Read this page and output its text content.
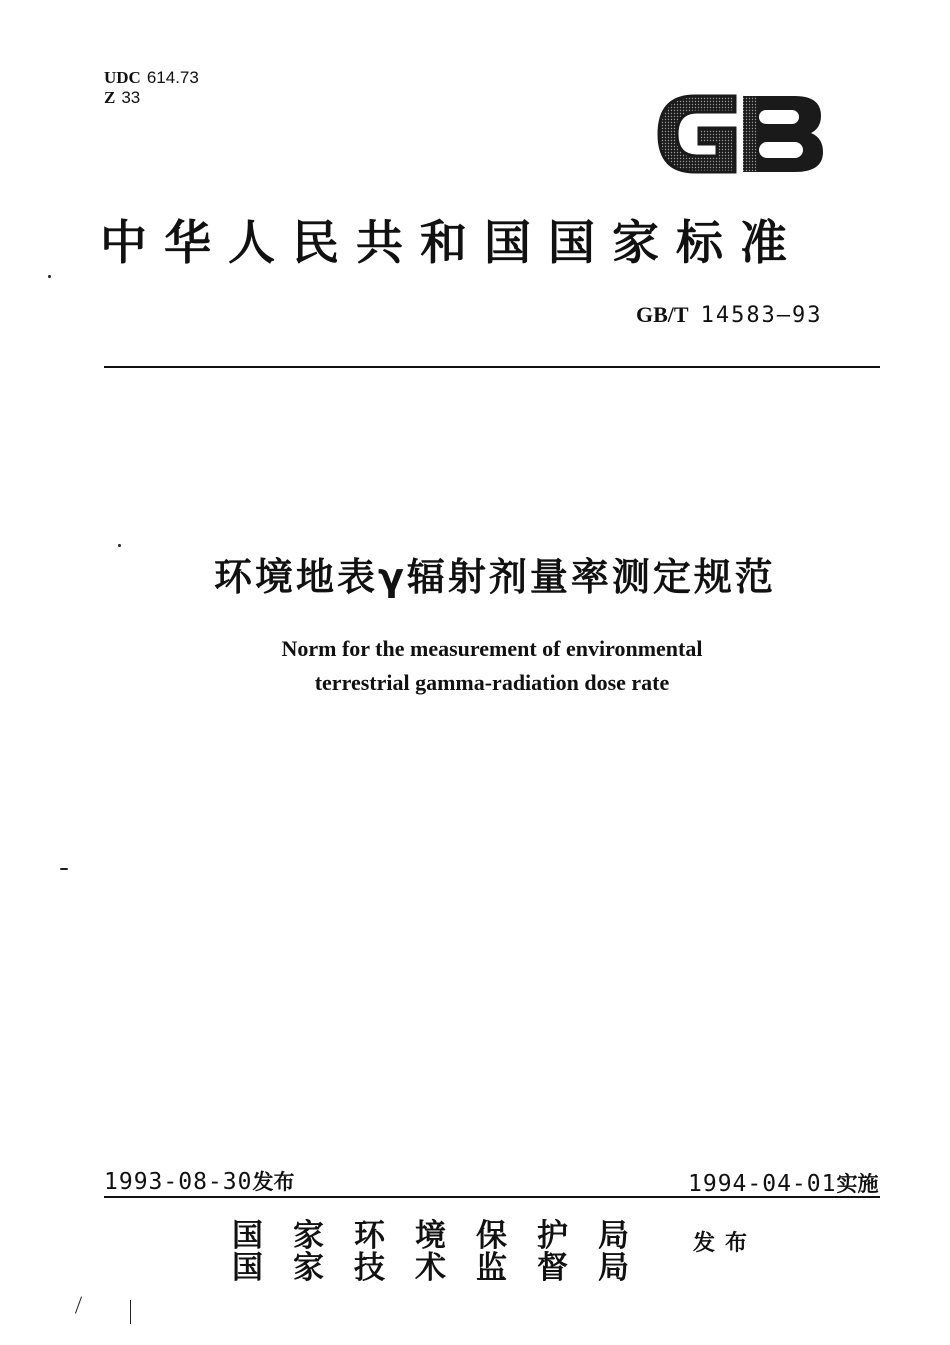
UDC 614.73
Z 33
中华人民共和国国家标准
GB/T 14583—93
环境地表γ辐射剂量率测定规范
Norm for the measurement of environmental
terrestrial gamma-radiation dose rate
1993-08-30发布	1994-04-01实施
国家环境保护局
国家技术监督局
发布
